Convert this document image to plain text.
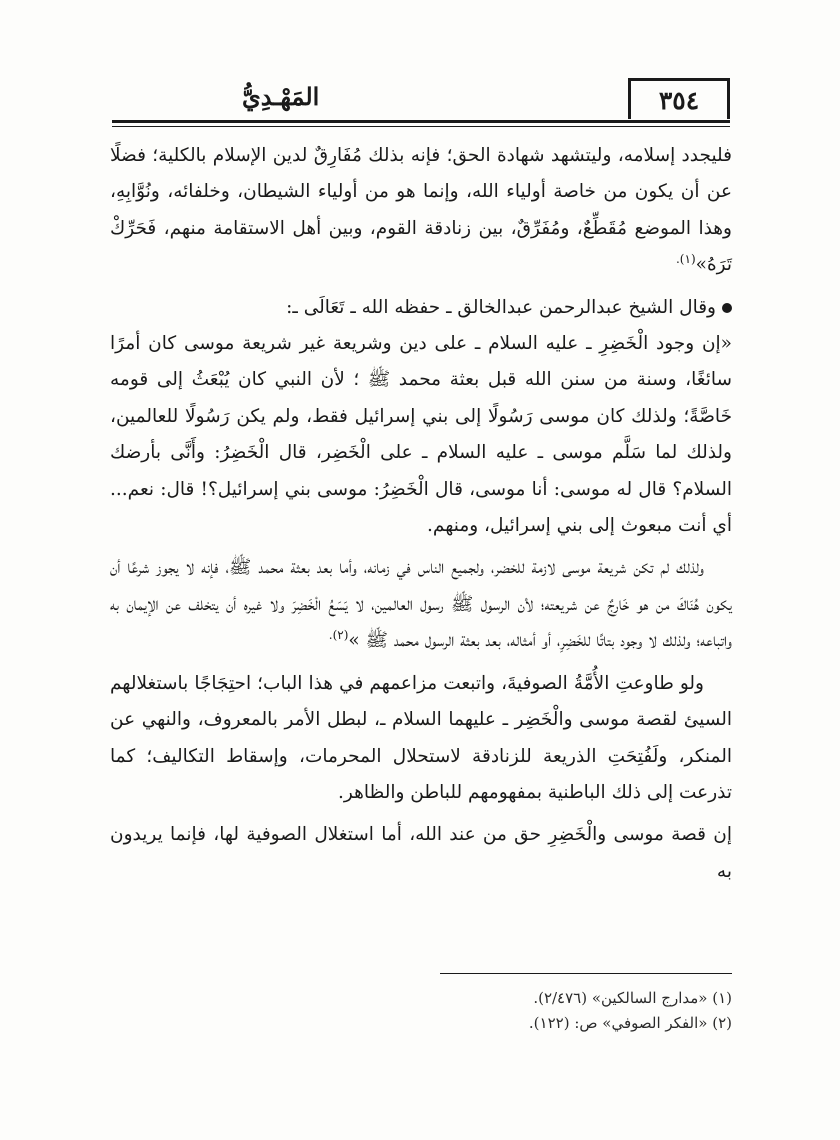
٣٥٤
المَهْـدِيُّ

فليجدد إسلامه، وليتشهد شهادة الحق؛ فإنه بذلك مُفَارِقٌ لدين الإسلام بالكلية؛ فضلًا عن أن يكون من خاصة أولياء الله، وإنما هو من أولياء الشيطان، وخلفائه، ونُوَّابِهِ، وهذا الموضع مُقَطِّعٌ، ومُفَرِّقٌ، بين زنادقة القوم، وبين أهل الاستقامة منهم، فَحَرِّكْ تَرَهُ»$^{(١).}$

وقال الشيخ عبدالرحمن عبدالخالق ـ حفظه الله ـ تَعَالَى ـ:

«إن وجود الْخَضِرِ ـ عليه السلام ـ على دين وشريعة غير شريعة موسى كان أمرًا سائغًا، وسنة من سنن الله قبل بعثة محمد ﷺ ؛ لأن النبي كان يُبْعَثُ إلى قومه خَاصَّةً؛ ولذلك كان موسى رَسُولًا إلى بني إسرائيل فقط، ولم يكن رَسُولًا للعالمين، ولذلك لما سَلَّم موسى ـ عليه السلام ـ على الْخَضِر، قال الْخَضِرُ: وأَنَّى بأرضك السلام؟ قال له موسى: أنا موسى، قال الْخَضِرُ: موسى بني إسرائيل؟! قال: نعم... أي أنت مبعوث إلى بني إسرائيل، ومنهم.

ولذلك لم تكن شريعة موسى لازمة للخضر، ولجميع الناس في زمانه، وأما بعد بعثة محمد ﷺ، فإنه لا يجوز شرعًا أن يكون هُنَاكَ من هو خَارِجٌ عن شريعته؛ لأن الرسول ﷺ رسول العالمين، لا يَسَعُ الْخَضِرَ ولا غيره أن يتخلف عن الإيمان به واتباعه؛ ولذلك لا وجود بتاتًا للخَضِرِ، أو أمثاله، بعد بعثة الرسول محمد ﷺ »$^{(٢).}$

ولو طاوعتِ الأُمَّةُ الصوفيةَ، واتبعت مزاعمهم في هذا الباب؛ احتِجَاجًا باستغلالهم السيئ لقصة موسى والْخَضِر ـ عليهما السلام ـ، لبطل الأمر بالمعروف، والنهي عن المنكر، ولَفُتِحَتِ الذريعة للزنادقة لاستحلال المحرمات، وإسقاط التكاليف؛ كما تذرعت إلى ذلك الباطنية بمفهومهم للباطن والظاهر.

إن قصة موسى والْخَضِرِ حق من عند الله، أما استغلال الصوفية لها، فإنما يريدون به

(١) «مدارج السالكين» (٢/٤٧٦).
(٢) «الفكر الصوفي» ص: (١٢٢).
